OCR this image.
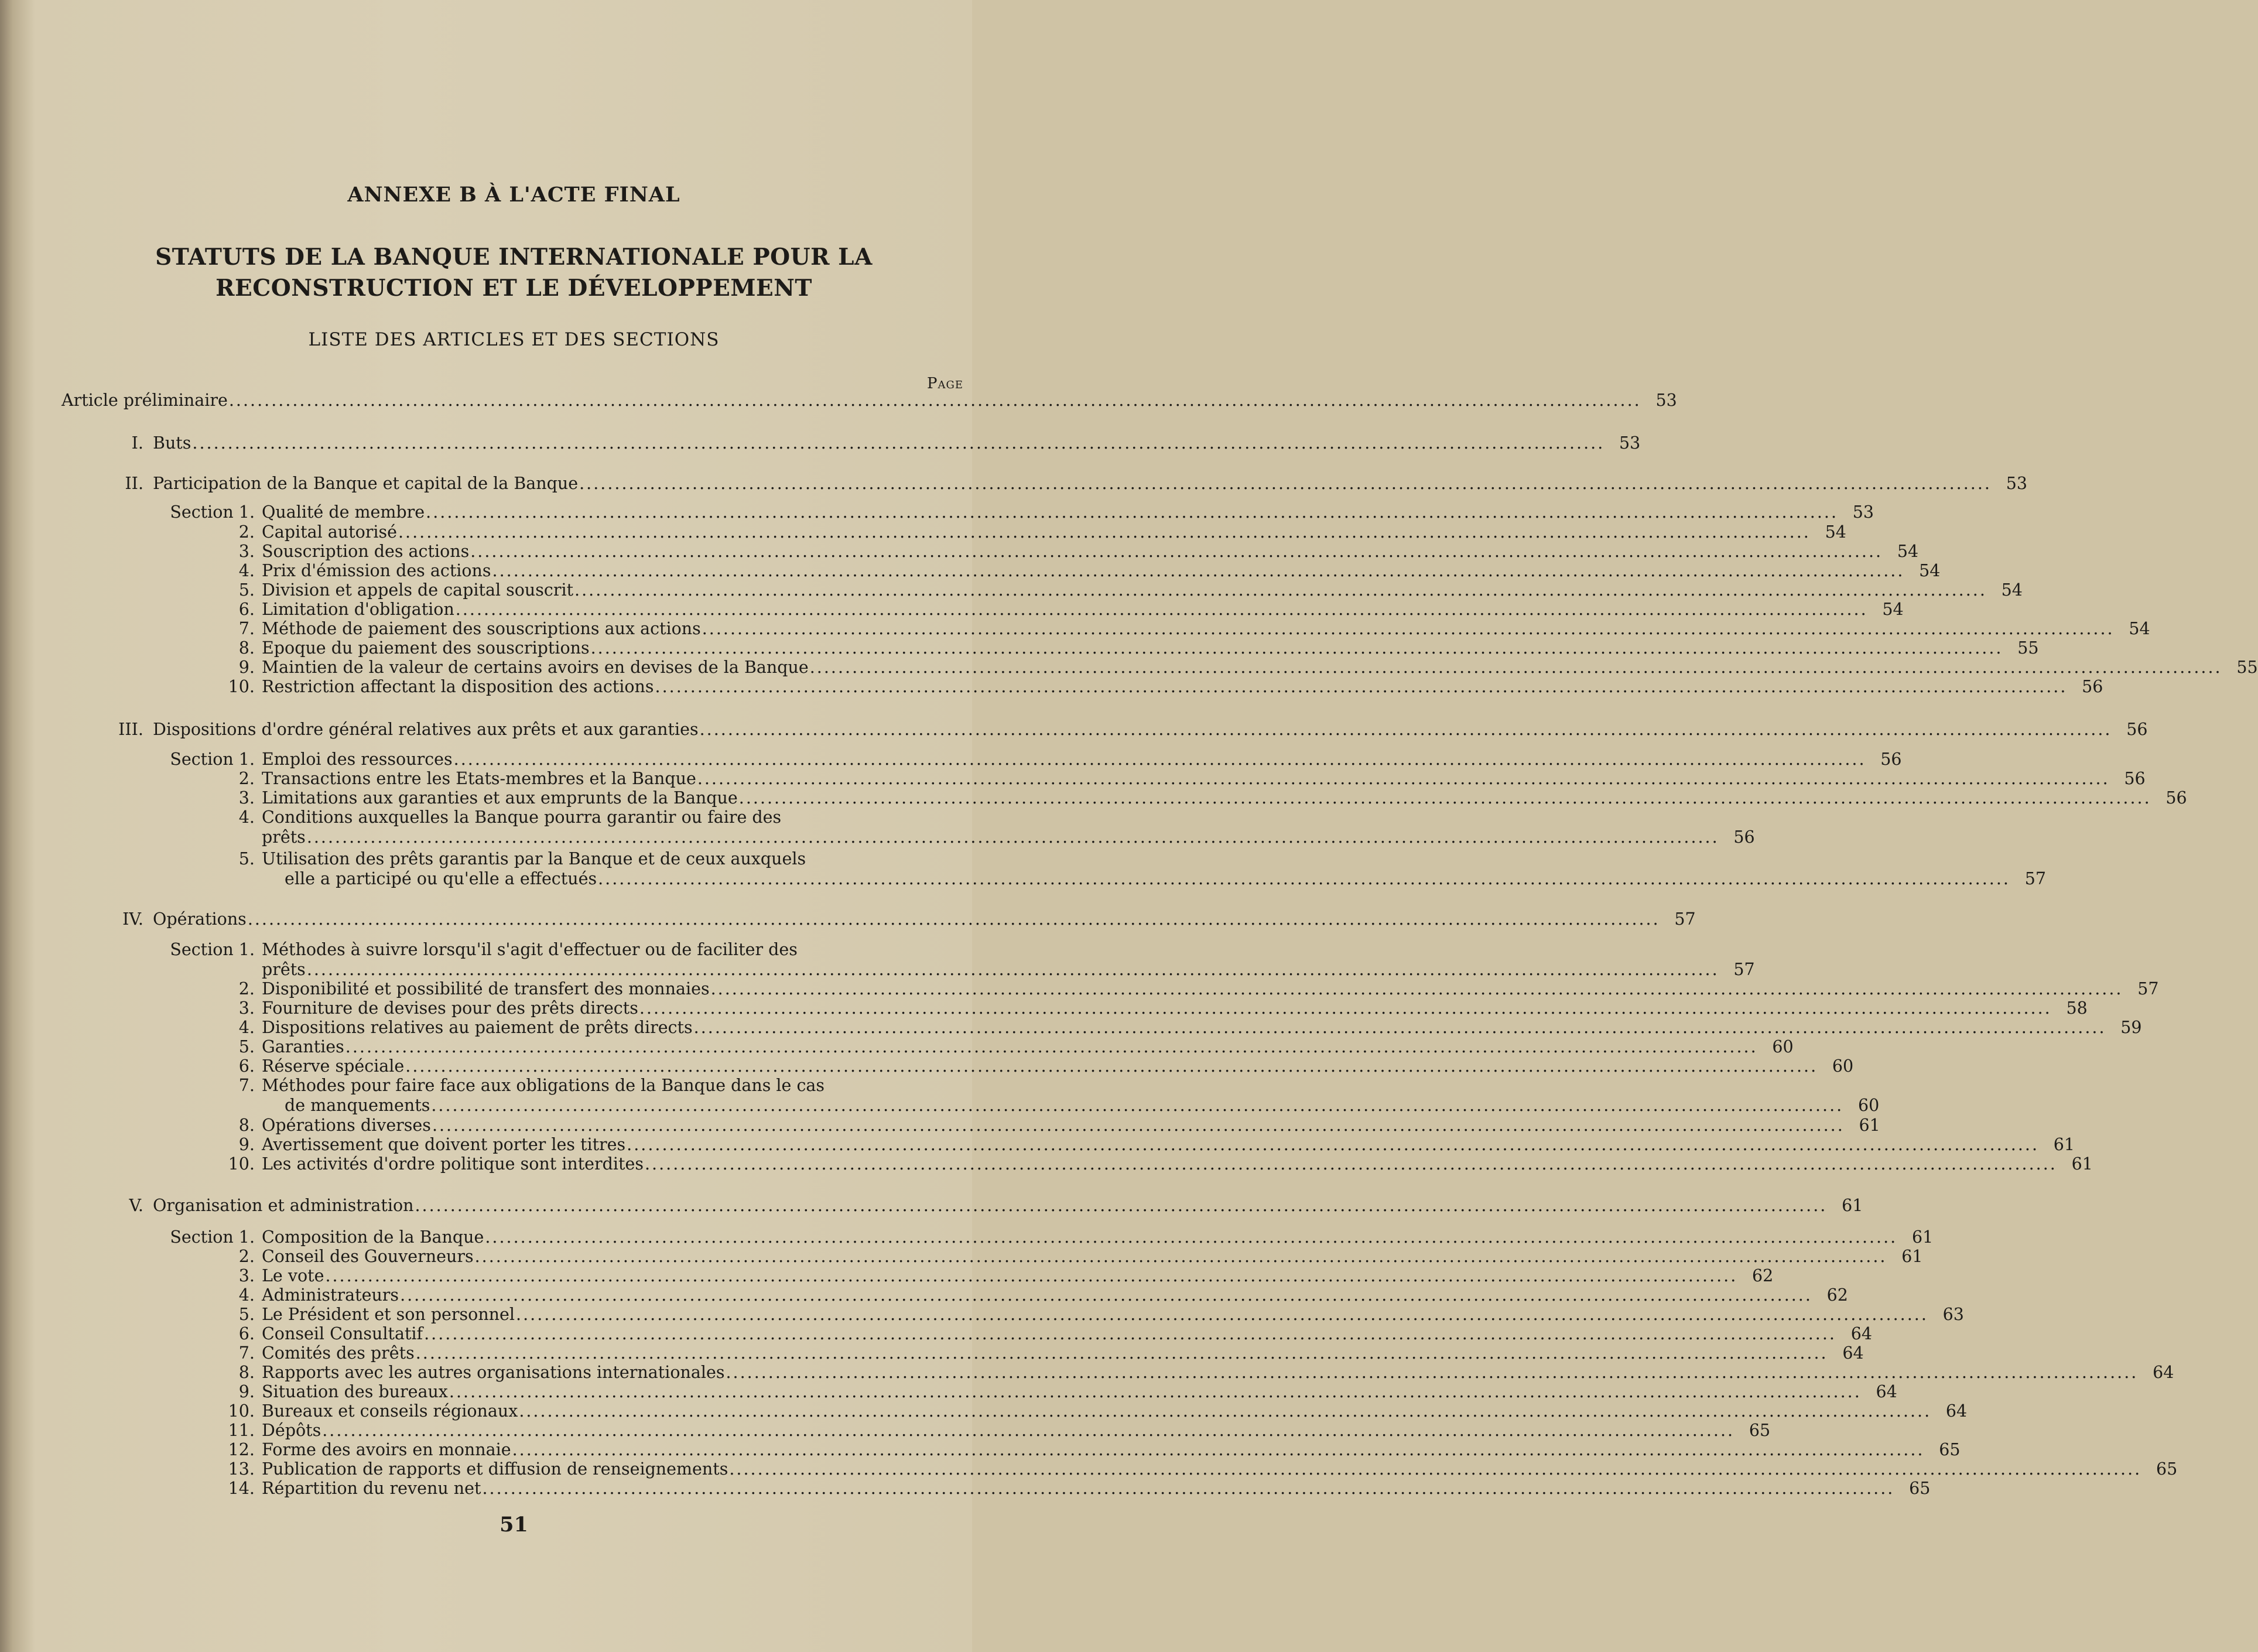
ANNEXE B À L'ACTE FINAL
STATUTS DE LA BANQUE INTERNATIONALE POUR LA
RECONSTRUCTION ET LE DÉVELOPPEMENT
LISTE DES ARTICLES ET DES SECTIONS
Page
Article préliminaire ........................................................................................................................................................................................................ 53
I. Buts ........................................................................................................................................................................................................ 53
II. Participation de la Banque et capital de la Banque ........................................................................................................................................................................................................ 53
Section 1. Qualité de membre ........................................................................................................................................................................................................ 53
2. Capital autorisé ........................................................................................................................................................................................................ 54
3. Souscription des actions ........................................................................................................................................................................................................ 54
4. Prix d'émission des actions ........................................................................................................................................................................................................ 54
5. Division et appels de capital souscrit ........................................................................................................................................................................................................ 54
6. Limitation d'obligation ........................................................................................................................................................................................................ 54
7. Méthode de paiement des souscriptions aux actions ........................................................................................................................................................................................................ 54
8. Epoque du paiement des souscriptions ........................................................................................................................................................................................................ 55
9. Maintien de la valeur de certains avoirs en devises de la Banque ........................................................................................................................................................................................................ 55
10. Restriction affectant la disposition des actions ........................................................................................................................................................................................................ 56
III. Dispositions d'ordre général relatives aux prêts et aux garanties ........................................................................................................................................................................................................ 56
Section 1. Emploi des ressources ........................................................................................................................................................................................................ 56
2. Transactions entre les Etats-membres et la Banque ........................................................................................................................................................................................................ 56
3. Limitations aux garanties et aux emprunts de la Banque ........................................................................................................................................................................................................ 56
4. Conditions auxquelles la Banque pourra garantir ou faire des
prêts ........................................................................................................................................................................................................ 56
5. Utilisation des prêts garantis par la Banque et de ceux auxquels
elle a participé ou qu'elle a effectués ........................................................................................................................................................................................................ 57
IV. Opérations ........................................................................................................................................................................................................ 57
Section 1. Méthodes à suivre lorsqu'il s'agit d'effectuer ou de faciliter des
prêts ........................................................................................................................................................................................................ 57
2. Disponibilité et possibilité de transfert des monnaies ........................................................................................................................................................................................................ 57
3. Fourniture de devises pour des prêts directs ........................................................................................................................................................................................................ 58
4. Dispositions relatives au paiement de prêts directs ........................................................................................................................................................................................................ 59
5. Garanties ........................................................................................................................................................................................................ 60
6. Réserve spéciale ........................................................................................................................................................................................................ 60
7. Méthodes pour faire face aux obligations de la Banque dans le cas
de manquements ........................................................................................................................................................................................................ 60
8. Opérations diverses ........................................................................................................................................................................................................ 61
9. Avertissement que doivent porter les titres ........................................................................................................................................................................................................ 61
10. Les activités d'ordre politique sont interdites ........................................................................................................................................................................................................ 61
V. Organisation et administration ........................................................................................................................................................................................................ 61
Section 1. Composition de la Banque ........................................................................................................................................................................................................ 61
2. Conseil des Gouverneurs ........................................................................................................................................................................................................ 61
3. Le vote ........................................................................................................................................................................................................ 62
4. Administrateurs ........................................................................................................................................................................................................ 62
5. Le Président et son personnel ........................................................................................................................................................................................................ 63
6. Conseil Consultatif ........................................................................................................................................................................................................ 64
7. Comités des prêts ........................................................................................................................................................................................................ 64
8. Rapports avec les autres organisations internationales ........................................................................................................................................................................................................ 64
9. Situation des bureaux ........................................................................................................................................................................................................ 64
10. Bureaux et conseils régionaux ........................................................................................................................................................................................................ 64
11. Dépôts ........................................................................................................................................................................................................ 65
12. Forme des avoirs en monnaie ........................................................................................................................................................................................................ 65
13. Publication de rapports et diffusion de renseignements ........................................................................................................................................................................................................ 65
14. Répartition du revenu net ........................................................................................................................................................................................................ 65
51
